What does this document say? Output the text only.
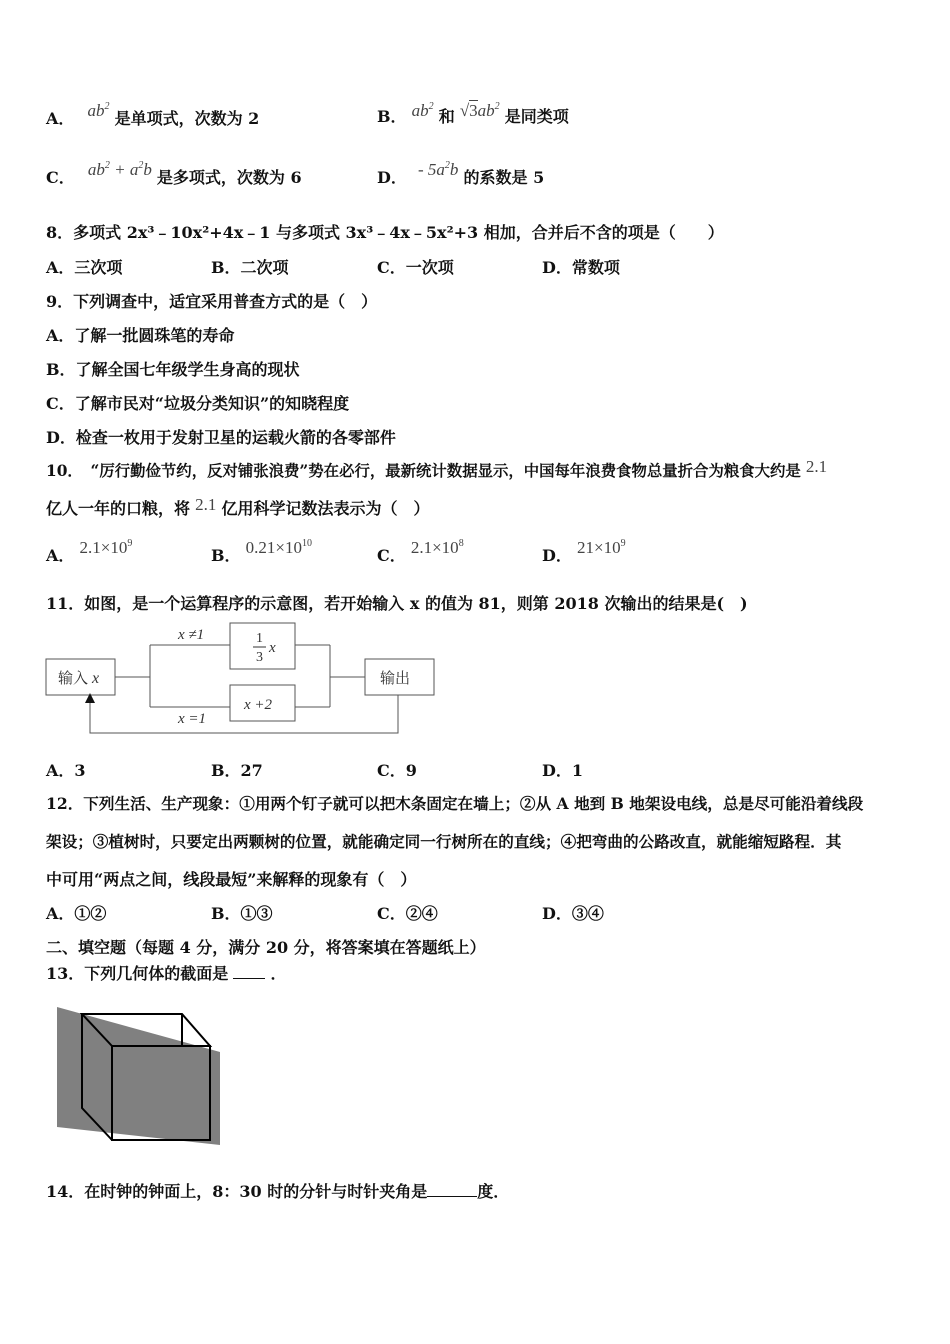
A． $ab^2$ 是单项式，次数为 2	B． $ab^2$ 和 $√3ab^2$ 是同类项
C． $ab^2 + a^2b$ 是多项式，次数为 6	D． - $5a^2b$ 的系数是 5
8．多项式 2x³﹣10x²+4x﹣1 与多项式 3x³﹣4x﹣5x²+3 相加，合并后不含的项是（　　）
A．三次项	B．二次项	C．一次项	D．常数项
9．下列调查中，适宜采用普查方式的是（　）
A．了解一批圆珠笔的寿命
B．了解全国七年级学生身高的现状
C．了解市民对“垃圾分类知识”的知晓程度
D．检查一枚用于发射卫星的运载火箭的各零部件
10．　“厉行勤俭节约，反对铺张浪费”势在必行，最新统计数据显示，中国每年浪费食物总量折合为粮食大约是 2.1
亿人一年的口粮，将 2.1 亿用科学记数法表示为（　）
A． $2.1\times 10^9$
B． $0.21\times 10^{10}$
C． $2.1\times 10^8$
D． $21\times 10^9$
11．如图，是一个运算程序的示意图，若开始输入 x 的值为 81，则第 2018 次输出的结果是(　)
输入 x	输出
x ≠1
x =1
1
3
x
x +2
A．3	B．27	C．9	D．1
12．下列生活、生产现象：①用两个钉子就可以把木条固定在墙上；②从 A 地到 B 地架设电线，总是尽可能沿着线段
架设；③植树时，只要定出两颗树的位置，就能确定同一行树所在的直线；④把弯曲的公路改直，就能缩短路程．其
中可用“两点之间，线段最短”来解释的现象有（　）
A．①②	B．①③	C．②④	D．③④
二、填空题（每题 4 分，满分 20 分，将答案填在答题纸上）
13．下列几何体的截面是	．
14．在时钟的钟面上，8：30 时的分针与时针夹角是	度．
